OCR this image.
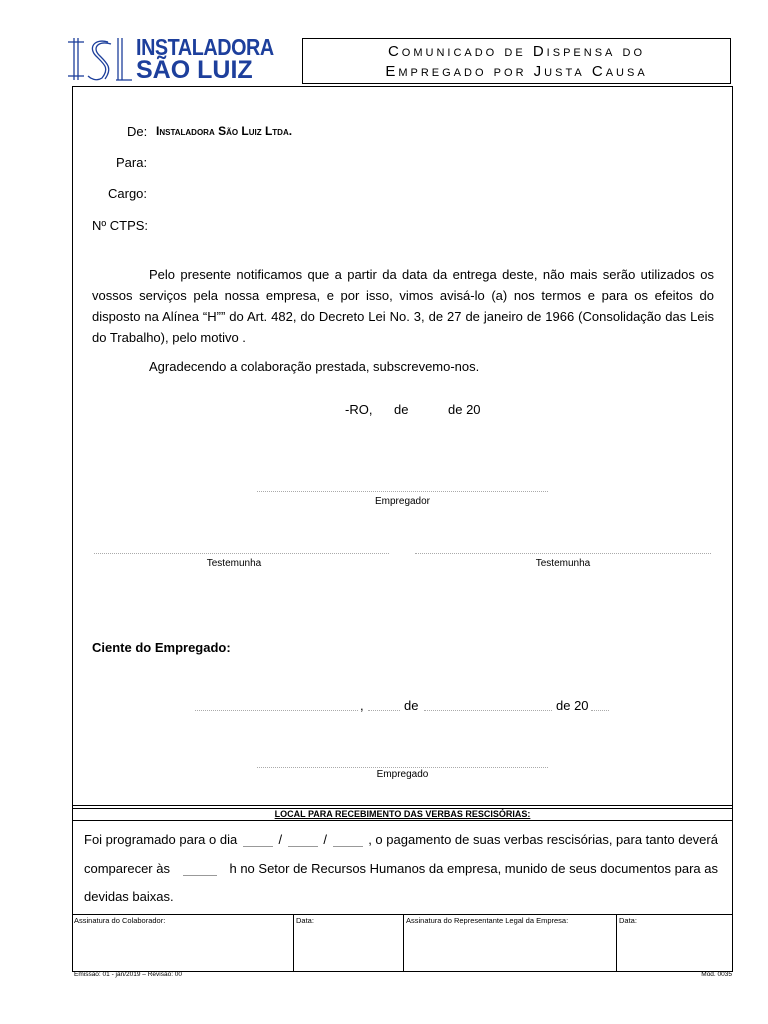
INSTALADORA
SÃO LUIZ
Comunicado de Dispensa do
Empregado por Justa Causa
De: Instaladora São Luiz Ltda.
Para:
Cargo:
Nº CTPS:
Pelo presente notificamos que a partir da data da entrega deste, não mais serão utilizados os vossos serviços pela nossa empresa, e por isso, vimos avisá-lo (a) nos termos e para os efeitos do disposto na Alínea “H”” do Art. 482, do Decreto Lei No. 3, de 27 de janeiro de 1966 (Consolidação das Leis do Trabalho), pelo motivo .
Agradecendo a colaboração prestada, subscrevemo-nos.
-RO, de	de 20
Empregador
Testemunha	Testemunha
Ciente do Empregado:
,	de	de 20
Empregado
LOCAL PARA RECEBIMENTO DAS VERBAS RESCISÓRIAS:
Foi programado para o dia	/	/	, o pagamento de suas verbas rescisórias, para tanto deverá
comparecer às	h no Setor de Recursos Humanos da empresa, munido de seus documentos para as
devidas baixas.
Assinatura do Colaborador:	Data:	Assinatura do Representante Legal da Empresa:	Data:
Emissão: 01 - jan/2019 – Revisão: 00	Mod. 0035
